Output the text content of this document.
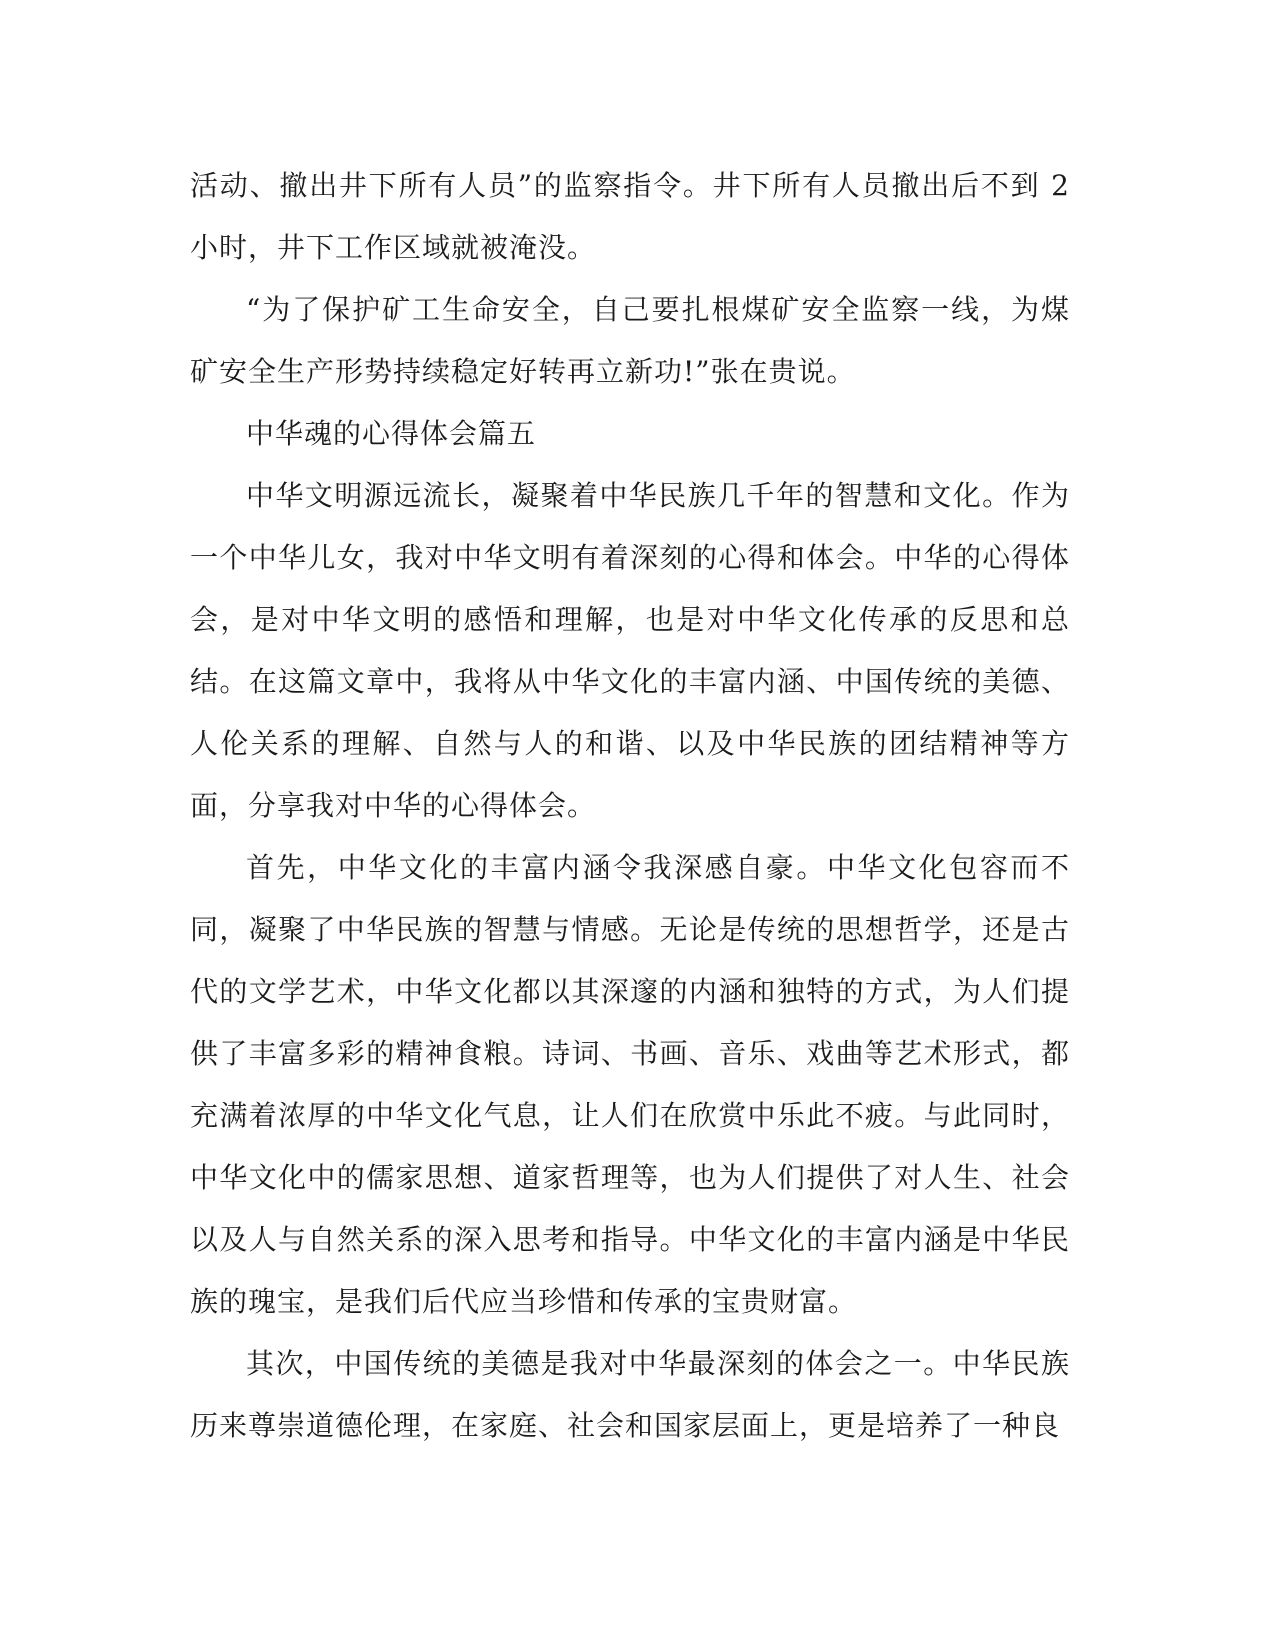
活动、撤出井下所有人员”的监察指令。井下所有人员撤出后不到 2 小时，井下工作区域就被淹没。

“为了保护矿工生命安全，自己要扎根煤矿安全监察一线，为煤矿安全生产形势持续稳定好转再立新功!”张在贵说。

中华魂的心得体会篇五

中华文明源远流长，凝聚着中华民族几千年的智慧和文化。作为一个中华儿女，我对中华文明有着深刻的心得和体会。中华的心得体会，是对中华文明的感悟和理解，也是对中华文化传承的反思和总结。在这篇文章中，我将从中华文化的丰富内涵、中国传统的美德、人伦关系的理解、自然与人的和谐、以及中华民族的团结精神等方面，分享我对中华的心得体会。

首先，中华文化的丰富内涵令我深感自豪。中华文化包容而不同，凝聚了中华民族的智慧与情感。无论是传统的思想哲学，还是古代的文学艺术，中华文化都以其深邃的内涵和独特的方式，为人们提供了丰富多彩的精神食粮。诗词、书画、音乐、戏曲等艺术形式，都充满着浓厚的中华文化气息，让人们在欣赏中乐此不疲。与此同时，中华文化中的儒家思想、道家哲理等，也为人们提供了对人生、社会以及人与自然关系的深入思考和指导。中华文化的丰富内涵是中华民族的瑰宝，是我们后代应当珍惜和传承的宝贵财富。

其次，中国传统的美德是我对中华最深刻的体会之一。中华民族历来尊崇道德伦理，在家庭、社会和国家层面上，更是培养了一种良
